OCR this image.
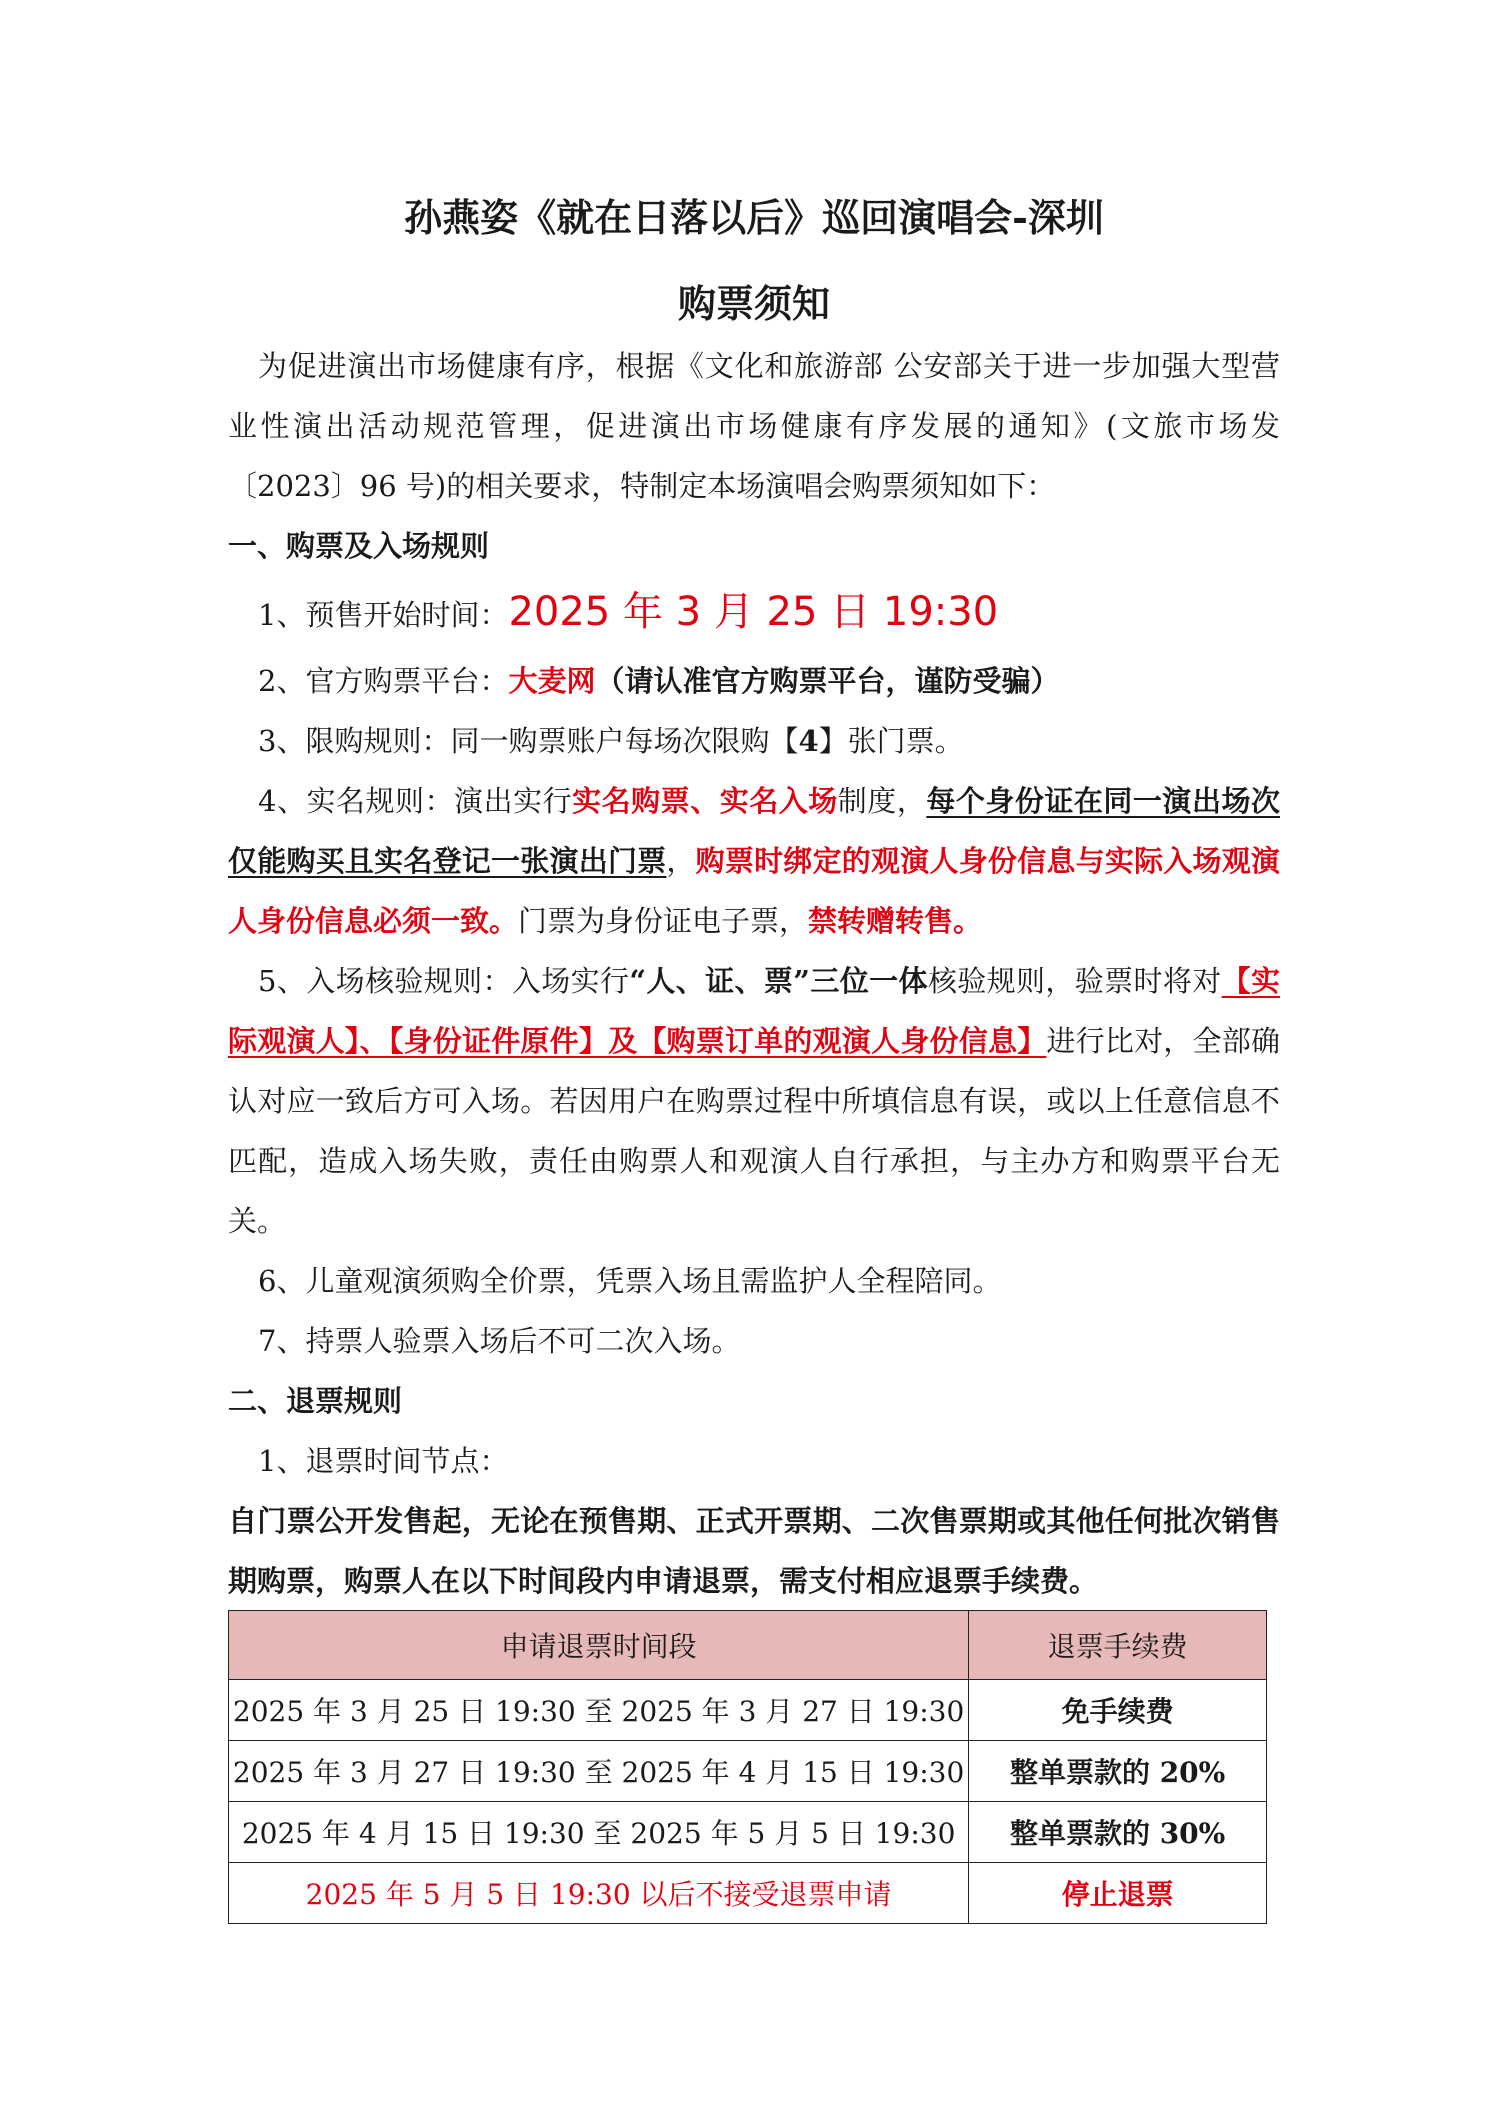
孙燕姿《就在日落以后》巡回演唱会-深圳
购票须知

为促进演出市场健康有序，根据《文化和旅游部 公安部关于进一步加强大型营业性演出活动规范管理，促进演出市场健康有序发展的通知》(文旅市场发〔2023〕96 号)的相关要求，特制定本场演唱会购票须知如下：

一、购票及入场规则

1、预售开始时间：2025 年 3 月 25 日 19:30

2、官方购票平台：大麦网（请认准官方购票平台，谨防受骗）

3、限购规则：同一购票账户每场次限购【4】张门票。

4、实名规则：演出实行实名购票、实名入场制度，每个身份证在同一演出场次仅能购买且实名登记一张演出门票，购票时绑定的观演人身份信息与实际入场观演人身份信息必须一致。门票为身份证电子票，禁转赠转售。

5、入场核验规则：入场实行“人、证、票”三位一体核验规则，验票时将对【实际观演人】、【身份证件原件】及【购票订单的观演人身份信息】进行比对，全部确认对应一致后方可入场。若因用户在购票过程中所填信息有误，或以上任意信息不匹配，造成入场失败，责任由购票人和观演人自行承担，与主办方和购票平台无关。

6、儿童观演须购全价票，凭票入场且需监护人全程陪同。

7、持票人验票入场后不可二次入场。

二、退票规则

1、退票时间节点：

自门票公开发售起，无论在预售期、正式开票期、二次售票期或其他任何批次销售期购票，购票人在以下时间段内申请退票，需支付相应退票手续费。

申请退票时间段	退票手续费
2025 年 3 月 25 日 19:30 至 2025 年 3 月 27 日 19:30	免手续费
2025 年 3 月 27 日 19:30 至 2025 年 4 月 15 日 19:30	整单票款的 20%
2025 年 4 月 15 日 19:30 至 2025 年 5 月 5 日 19:30	整单票款的 30%
2025 年 5 月 5 日 19:30 以后不接受退票申请	停止退票
